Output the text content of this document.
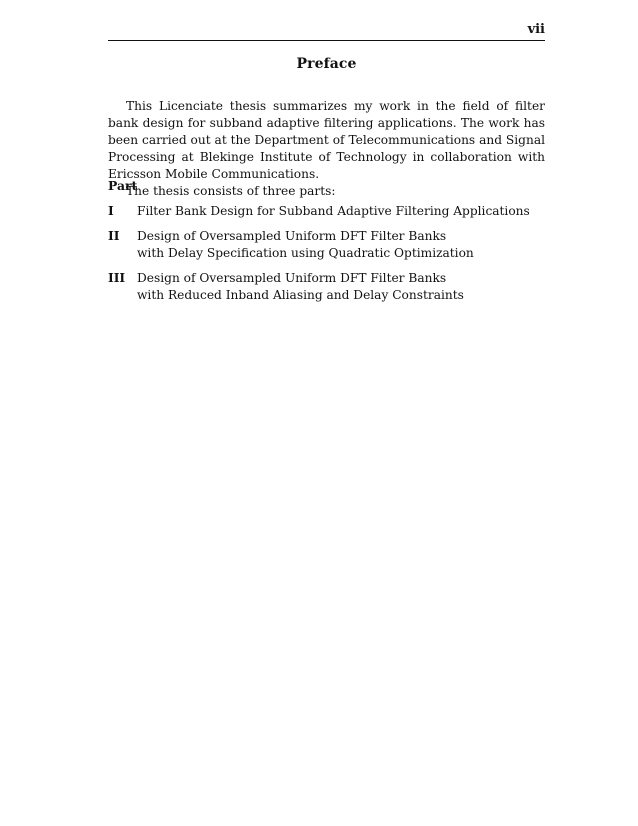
vii
Preface

This Licenciate thesis summarizes my work in the field of filter bank design for subband adaptive filtering applications. The work has been carried out at the Department of Telecommunications and Signal Processing at Blekinge Institute of Technology in collaboration with Ericsson Mobile Communications.

The thesis consists of three parts:

Part
I	Filter Bank Design for Subband Adaptive Filtering Applications
II	Design of Oversampled Uniform DFT Filter Banks
with Delay Specification using Quadratic Optimization
III Design of Oversampled Uniform DFT Filter Banks
with Reduced Inband Aliasing and Delay Constraints
